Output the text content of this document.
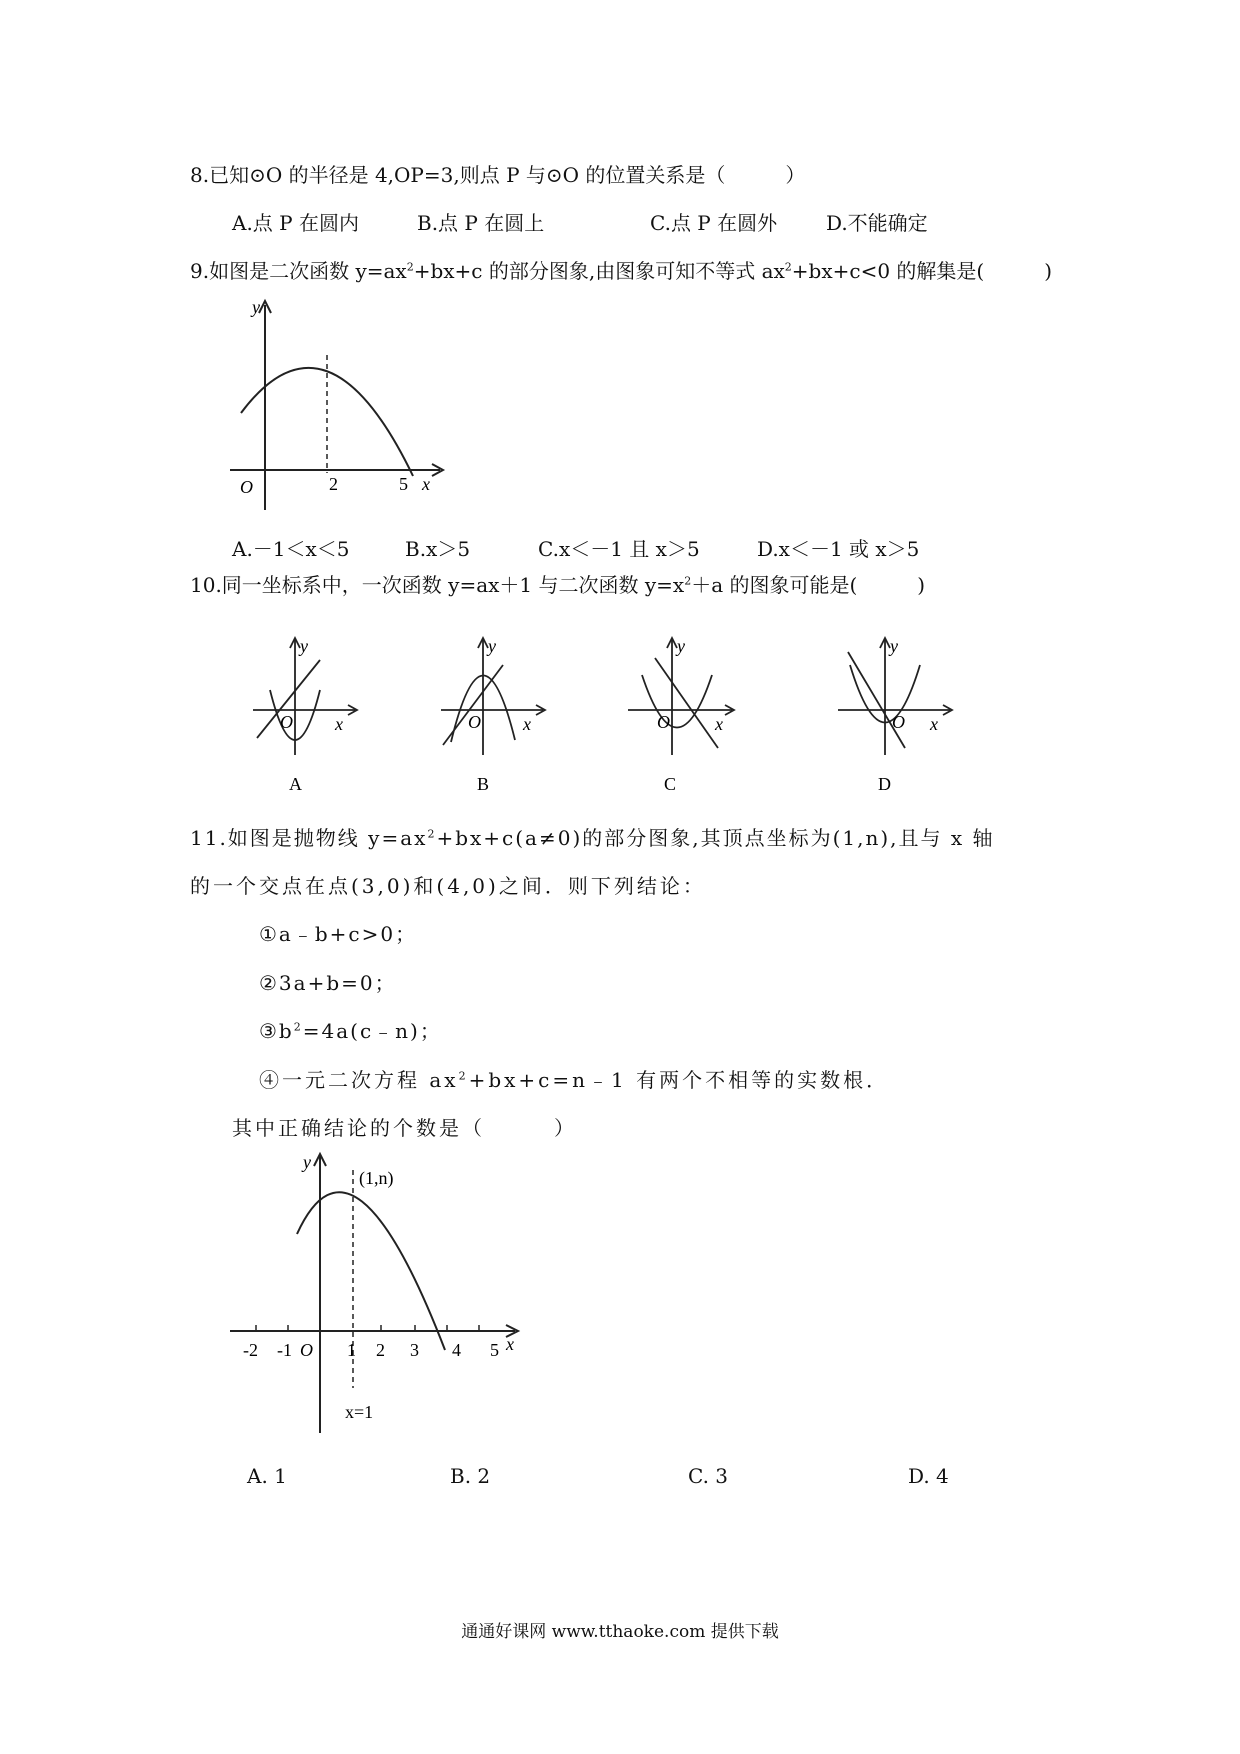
8.已知⊙O 的半径是 4,OP=3,则点 P 与⊙O 的位置关系是（　　　）
A.点 P 在圆内	B.点 P 在圆上	C.点 P 在圆外 D.不能确定
9.如图是二次函数 $y=ax^2+bx+c$ 的部分图象,由图象可知不等式 $ax^2+bx+c<0$ 的解集是(　　　)
y
x
O	2	5
A.－1＜x＜5	B.x＞5	C.x＜－1 且 x＞5	D.x＜－1 或 x＞5
10.同一坐标系中，一次函数 y=ax＋1 与二次函数 $y=x^2+a$ 的图象可能是(　　　)
y
x
O
A
y
x
O
B
y
x
O
C
y
x
O
D
11.如图是抛物线 $y=ax^2+bx+c(a\ne 0)$的部分图象,其顶点坐标为(1,n),且与 x 轴
的一个交点在点(3,0)和(4,0)之间．则下列结论：
①a﹣b+c>0；
②3a+b=0；
$③b^2=4a(c﹣n)$；
④一元二次方程 $ax^2+bx+c=n﹣1$ 有两个不相等的实数根．
其中正确结论的个数是（　　　）
y
x
(1,n)
-2 -1 O 1 2 3 4 5
x=1
A. 1	B. 2	C. 3	D. 4
通通好课网 www.tthaoke.com 提供下载
